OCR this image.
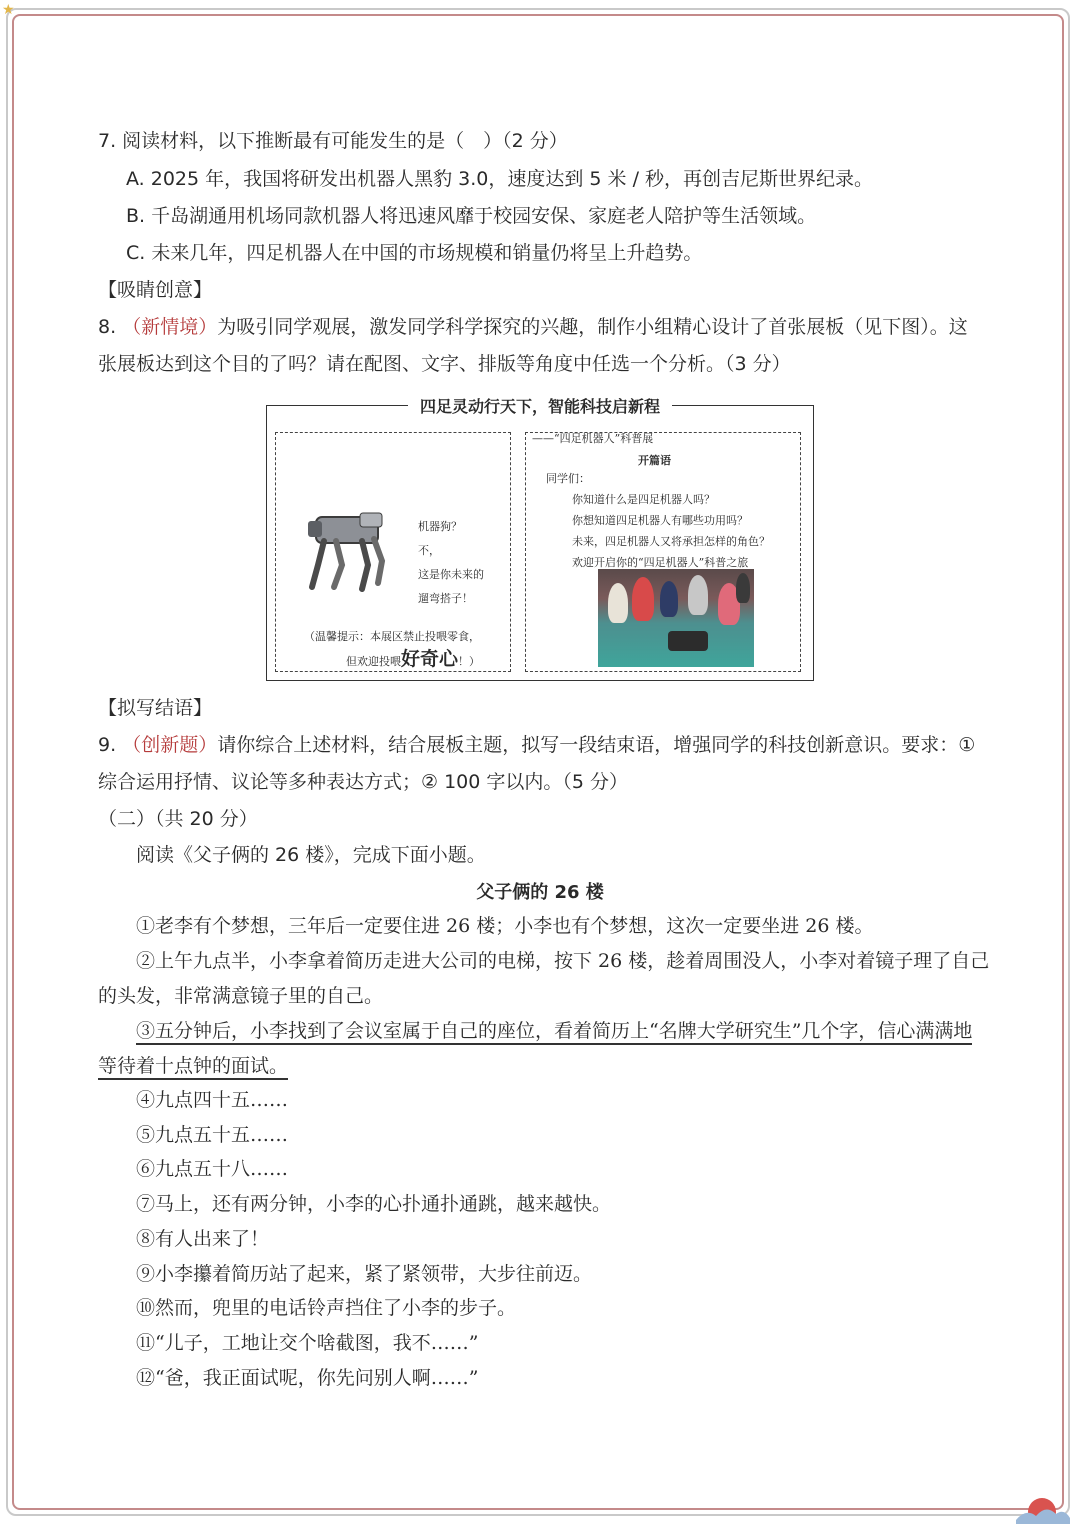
★
7. 阅读材料，以下推断最有可能发生的是（　）（2 分）
A. 2025 年，我国将研发出机器人黑豹 3.0，速度达到 5 米 / 秒，再创吉尼斯世界纪录。
B. 千岛湖通用机场同款机器人将迅速风靡于校园安保、家庭老人陪护等生活领域。
C. 未来几年，四足机器人在中国的市场规模和销量仍将呈上升趋势。
【吸睛创意】
8. （新情境）为吸引同学观展，激发同学科学探究的兴趣，制作小组精心设计了首张展板（见下图）。这
张展板达到这个目的了吗？请在配图、文字、排版等角度中任选一个分析。（3 分）
四足灵动行天下，智能科技启新程
机器狗？
不，
这是你未来的
遛弯搭子！
（温馨提示：本展区禁止投喂零食，
但欢迎投喂好奇心！）
——“四足机器人”科普展
开篇语
同学们：
你知道什么是四足机器人吗？
你想知道四足机器人有哪些功用吗？
未来，四足机器人又将承担怎样的角色？
欢迎开启你的“四足机器人”科普之旅
【拟写结语】
9. （创新题）请你综合上述材料，结合展板主题，拟写一段结束语，增强同学的科技创新意识。要求：①
综合运用抒情、议论等多种表达方式；② 100 字以内。（5 分）
（二）（共 20 分）
阅读《父子俩的 26 楼》，完成下面小题。
父子俩的 26 楼
①老李有个梦想，三年后一定要住进 26 楼；小李也有个梦想，这次一定要坐进 26 楼。
②上午九点半，小李拿着简历走进大公司的电梯，按下 26 楼，趁着周围没人，小李对着镜子理了自己
的头发，非常满意镜子里的自己。
③五分钟后，小李找到了会议室属于自己的座位，看着简历上“名牌大学研究生”几个字，信心满满地
等待着十点钟的面试。
④九点四十五……
⑤九点五十五……
⑥九点五十八……
⑦马上，还有两分钟，小李的心扑通扑通跳，越来越快。
⑧有人出来了！
⑨小李攥着简历站了起来，紧了紧领带，大步往前迈。
⑩然而，兜里的电话铃声挡住了小李的步子。
⑪“儿子，工地让交个啥截图，我不……”
⑫“爸，我正面试呢，你先问别人啊……”
